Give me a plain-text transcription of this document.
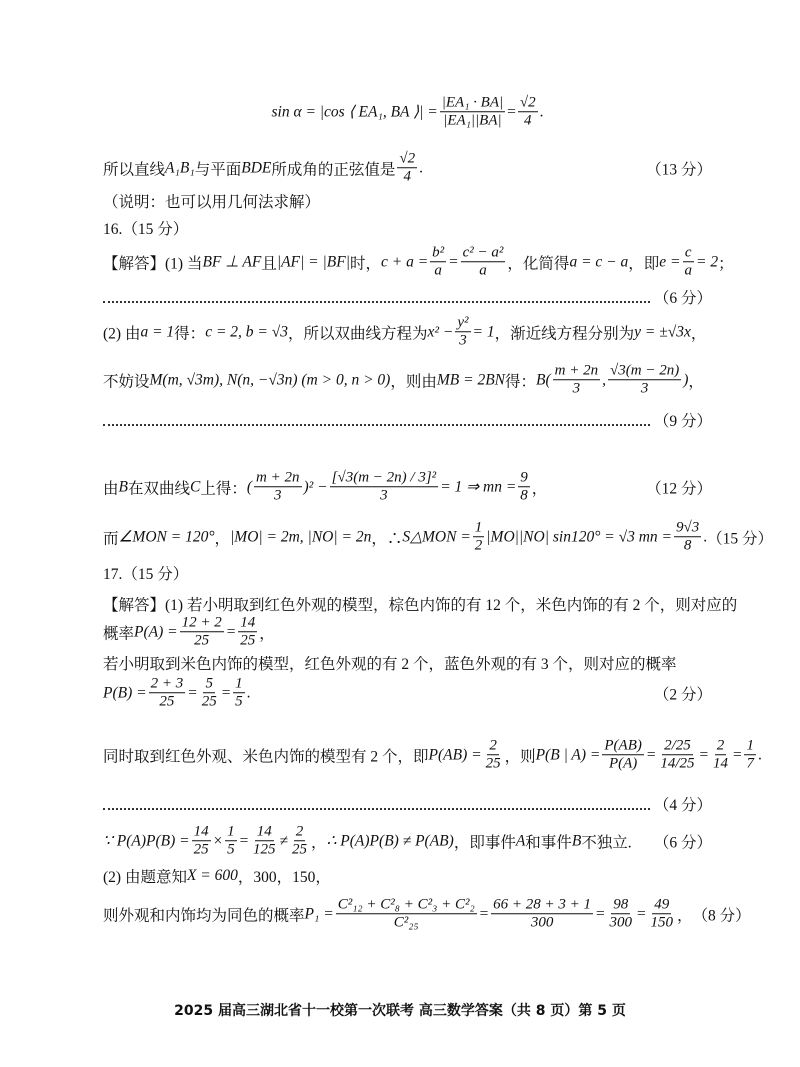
sin α = |cos ⟨ EA₁, BA ⟩| = $\frac{\text{|EA₁ · BA|}}{\text{|EA₁||BA|}} = \frac{√2}{4}$ .
所以直线 A₁B₁ 与平面 BDE 所成角的正弦值是 $\frac{√2}{4}$ .	（13 分）
（说明：也可以用几何法求解）
16.（15 分）
【解答】(1) 当 BF ⊥ AF 且 |AF| = |BF| 时， $c + a = \frac{\text{b²}}{a} = \frac{\text{c² − a²}}{a}$ ，化简得 a = c − a ，即 $e = \frac{c}{a} = 2$ ；
（6 分）
(2) 由 a = 1 得： c = 2, b = √3 ，所以双曲线方程为 $x^2 - \frac{\text{y²}}{3} = 1$ ，渐近线方程分别为 y = ±√3x ，
不妨设 M(m, √3m), N(n, −√3n) (m > 0, n > 0) ，则由 MB = 2BN 得： $B( \frac{m + 2n}{3}$ , $\frac{√3(m - 2n)}{3}$ ) ，
（9 分）
由 B 在双曲线 C 上得： ( $\frac{m + 2n}{3} )^2 - \frac{\text{[√3(m − 2n) / 3]²}}{3} = 1$ ⇒ mn = $\frac{9}{8}$ ，	（12 分）
而 ∠MON = 120° ， |MO| = 2m, |NO| = 2n ，∴ S△MON = $\frac{1}{2} |MO||NO|$ sin120° = √3 mn = $\frac{9√3}{8}$ . （15 分）
17.（15 分）
【解答】(1) 若小明取到红色外观的模型，棕色内饰的有 12 个，米色内饰的有 2 个，则对应的
概率 $P(A) = \frac{12 + 2}{25} = \frac{14}{25}$ ，
若小明取到米色内饰的模型，红色外观的有 2 个，蓝色外观的有 3 个，则对应的概率
$P(B) = \frac{2 + 3}{25} = \frac{5}{25} = \frac{1}{5}$ .	（2 分）
同时取到红色外观、米色内饰的模型有 2 个，即 $P(AB) = \frac{2}{25}$ ，则 P(B | $A) = \frac{P(AB)}{P(A)} = \frac{2/25}{14/25} = \frac{2}{14} = \frac{1}{7}$ .
（4 分）
∵ $P(A)P(B) = \frac{14}{25} \times \frac{1}{5} = \frac{14}{125} \ne \frac{2}{25}$ ， ∴ P(A)P(B) ≠ P(AB) ，即事件 A 和事件 B 不独立. （6 分）
(2) 由题意知 X = 600 ，300，150，
则外观和内饰均为同色的概率 $P_1 = \frac{\text{C²₁₂ + C²₈ + C²₃ + C²₂}}{\text{C²₂₅}} = \frac{66 + 28 + 3 + 1}{300} = \frac{98}{300} = \frac{49}{150}$ ， （8 分）
2025 届高三湖北省十一校第一次联考 高三数学答案（共 8 页）第 5 页
